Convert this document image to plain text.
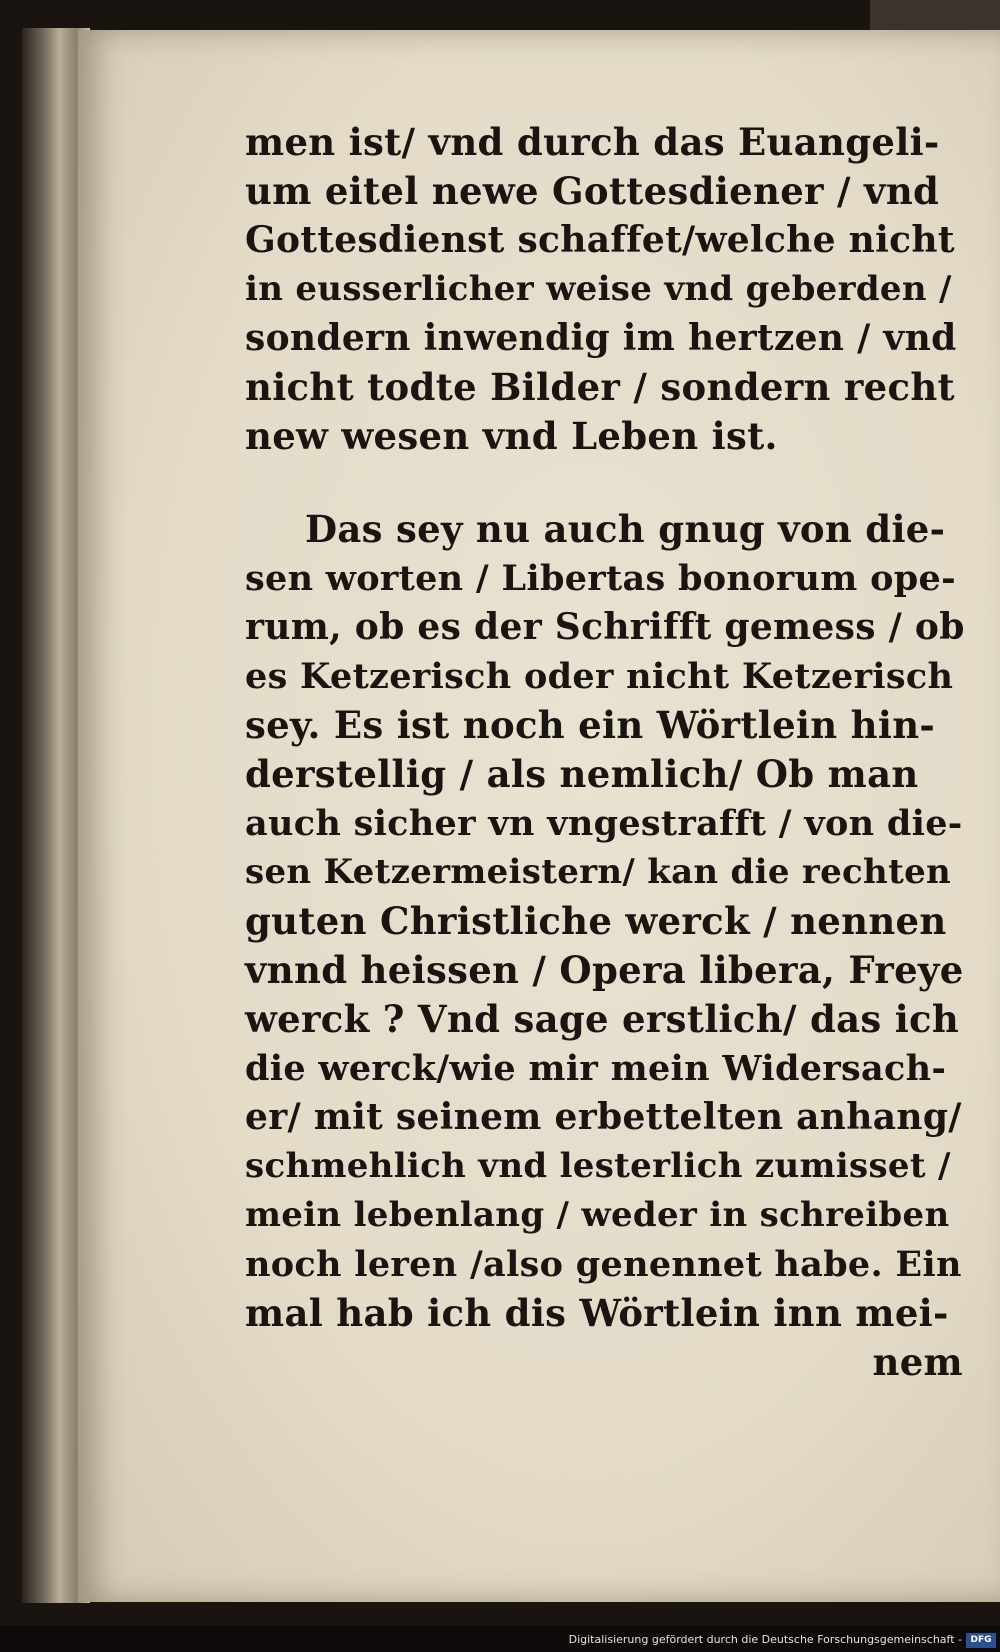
men ist/ vnd durch das Euangeli-
um eitel newe Gottesdiener / vnd
Gottesdienst schaffet/welche nicht
in eusserlicher weise vnd geberden /
sondern inwendig im hertzen / vnd
nicht todte Bilder / sondern recht
new wesen vnd Leben ist.
Das sey nu auch gnug von die-
sen worten / Libertas bonorum ope-
rum, ob es der Schrifft gemess / ob
es Ketzerisch oder nicht Ketzerisch
sey. Es ist noch ein Wörtlein hin-
derstellig / als nemlich/ Ob man
auch sicher vn vngestrafft / von die-
sen Ketzermeistern/ kan die rechten
guten Christliche werck / nennen
vnnd heissen / Opera libera, Freye
werck ? Vnd sage erstlich/ das ich
die werck/wie mir mein Widersach-
er/ mit seinem erbettelten anhang/
schmehlich vnd lesterlich zumisset /
mein lebenlang / weder in schreiben
noch leren /also genennet habe. Ein
mal hab ich dis Wörtlein inn mei-
nem
Digitalisierung gefördert durch die Deutsche Forschungsgemeinschaft - DFG
